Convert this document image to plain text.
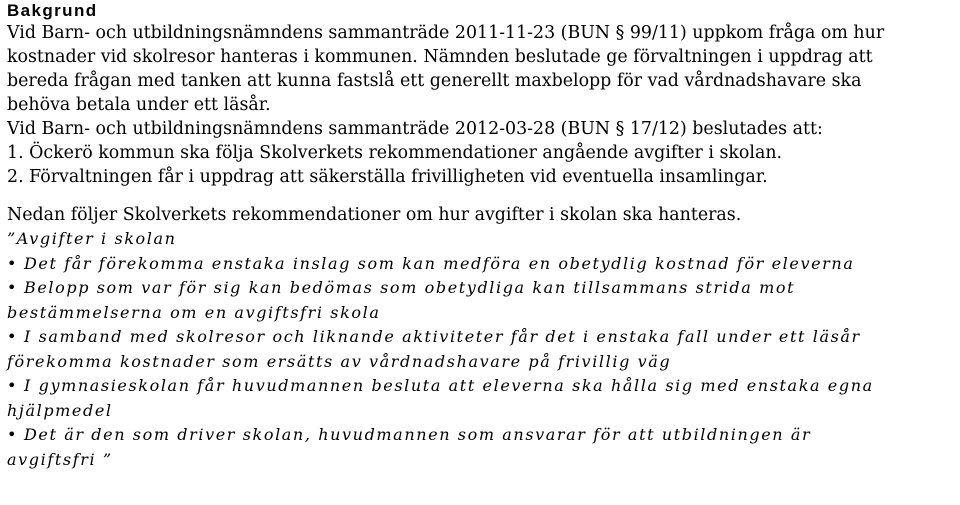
Bakgrund
Vid Barn- och utbildningsnämndens sammanträde 2011-11-23 (BUN § 99/11) uppkom fråga om hur
kostnader vid skolresor hanteras i kommunen. Nämnden beslutade ge förvaltningen i uppdrag att
bereda frågan med tanken att kunna fastslå ett generellt maxbelopp för vad vårdnadshavare ska
behöva betala under ett läsår.
Vid Barn- och utbildningsnämndens sammanträde 2012-03-28 (BUN § 17/12) beslutades att:
1. Öckerö kommun ska följa Skolverkets rekommendationer angående avgifter i skolan.
2. Förvaltningen får i uppdrag att säkerställa frivilligheten vid eventuella insamlingar.
Nedan följer Skolverkets rekommendationer om hur avgifter i skolan ska hanteras.
”Avgifter i skolan
• Det får förekomma enstaka inslag som kan medföra en obetydlig kostnad för eleverna
• Belopp som var för sig kan bedömas som obetydliga kan tillsammans strida mot
bestämmelserna om en avgiftsfri skola
• I samband med skolresor och liknande aktiviteter får det i enstaka fall under ett läsår
förekomma kostnader som ersätts av vårdnadshavare på frivillig väg
• I gymnasieskolan får huvudmannen besluta att eleverna ska hålla sig med enstaka egna
hjälpmedel
• Det är den som driver skolan, huvudmannen som ansvarar för att utbildningen är
avgiftsfri ”
